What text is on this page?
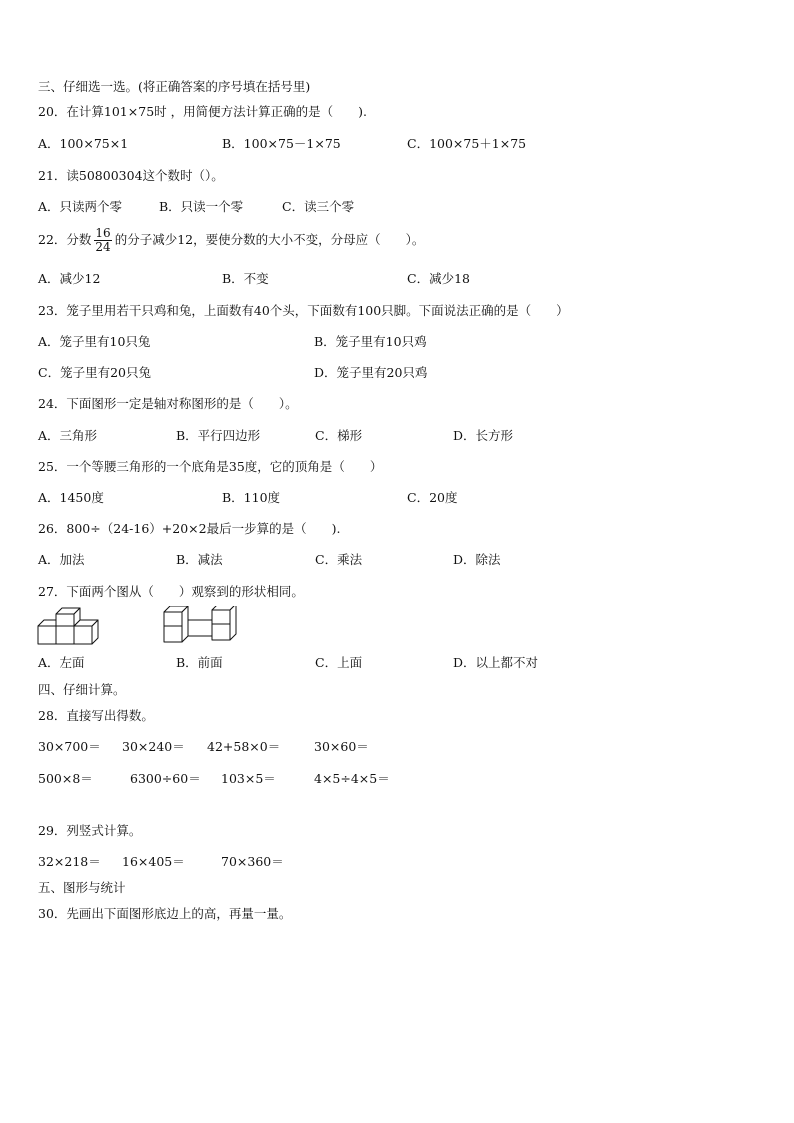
三、仔细选一选。(将正确答案的序号填在括号里)
20．在计算101×75时 ，用简便方法计算正确的是（　　).
A．100×75×1	B．100×75－1×75	C．100×75＋1×75
21．读50800304这个数时（）。
A．只读两个零	B．只读一个零	C．读三个零
22．分数 $\frac{16}{24}$ 的分子减少12，要使分数的大小不变，分母应（　　）。
A．减少12	B．不变	C．减少18
23．笼子里用若干只鸡和兔，上面数有40个头，下面数有100只脚。下面说法正确的是（　　）
A．笼子里有10只兔	B．笼子里有10只鸡
C．笼子里有20只兔	D．笼子里有20只鸡
24．下面图形一定是轴对称图形的是（　　）。
A．三角形	B．平行四边形	C．梯形	D．长方形
25．一个等腰三角形的一个底角是35度，它的顶角是（　　）
A．1450度	B．110度	C．20度
26．800÷（24-16）+20×2最后一步算的是（　　).
A．加法	B．减法	C．乘法	D．除法
27．下面两个图从（　　）观察到的形状相同。
A．左面	B．前面	C．上面	D．以上都不对
四、仔细计算。
28．直接写出得数。
30×700＝ 30×240＝ 42+58×0＝	30×60＝
500×8＝	6300÷60＝ 103×5＝	4×5÷4×5＝
29．列竖式计算。
32×218＝ 16×405＝	70×360＝
五、图形与统计
30．先画出下面图形底边上的高，再量一量。
